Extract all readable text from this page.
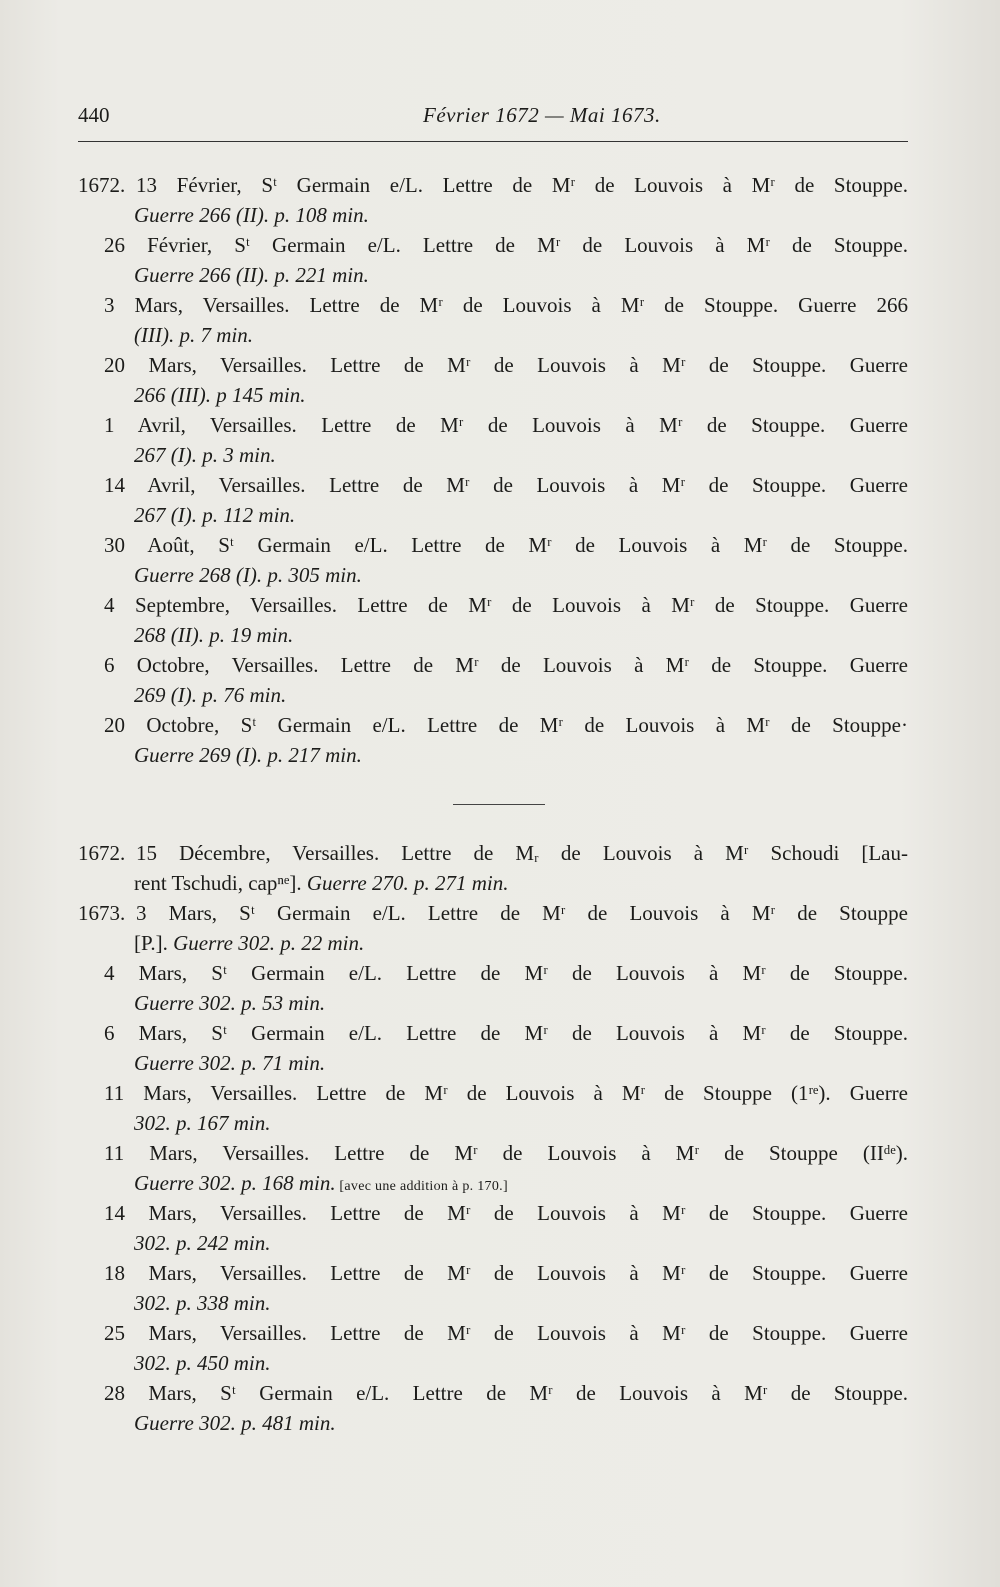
440	Février 1672 — Mai 1673.
1672. 13 Février, Sᵗ Germain e/L. Lettre de Mʳ de Louvois à Mʳ de Stouppe.
Guerre 266 (II). p. 108 min.
26 Février, Sᵗ Germain e/L. Lettre de Mʳ de Louvois à Mʳ de Stouppe.
Guerre 266 (II). p. 221 min.
3 Mars, Versailles. Lettre de Mʳ de Louvois à Mʳ de Stouppe. Guerre 266
(III). p. 7 min.
20 Mars, Versailles. Lettre de Mʳ de Louvois à Mʳ de Stouppe. Guerre
266 (III). p 145 min.
1 Avril, Versailles. Lettre de Mʳ de Louvois à Mʳ de Stouppe. Guerre
267 (I). p. 3 min.
14 Avril, Versailles. Lettre de Mʳ de Louvois à Mʳ de Stouppe. Guerre
267 (I). p. 112 min.
30 Août, Sᵗ Germain e/L. Lettre de Mʳ de Louvois à Mʳ de Stouppe.
Guerre 268 (I). p. 305 min.
4 Septembre, Versailles. Lettre de Mʳ de Louvois à Mʳ de Stouppe. Guerre
268 (II). p. 19 min.
6 Octobre, Versailles. Lettre de Mʳ de Louvois à Mʳ de Stouppe. Guerre
269 (I). p. 76 min.
20 Octobre, Sᵗ Germain e/L. Lettre de Mʳ de Louvois à Mʳ de Stouppe·
Guerre 269 (I). p. 217 min.
1672. 15 Décembre, Versailles. Lettre de Mᵣ de Louvois à Mʳ Schoudi [Lau-
rent Tschudi, capⁿᵉ]. Guerre 270. p. 271 min.
1673. 3 Mars, Sᵗ Germain e/L. Lettre de Mʳ de Louvois à Mʳ de Stouppe
[P.]. Guerre 302. p. 22 min.
4 Mars, Sᵗ Germain e/L. Lettre de Mʳ de Louvois à Mʳ de Stouppe.
Guerre 302. p. 53 min.
6 Mars, Sᵗ Germain e/L. Lettre de Mʳ de Louvois à Mʳ de Stouppe.
Guerre 302. p. 71 min.
11 Mars, Versailles. Lettre de Mʳ de Louvois à Mʳ de Stouppe (1ʳᵉ). Guerre
302. p. 167 min.
11 Mars, Versailles. Lettre de Mʳ de Louvois à Mʳ de Stouppe (IIᵈᵉ).
Guerre 302. p. 168 min. [avec une addition à p. 170.]
14 Mars, Versailles. Lettre de Mʳ de Louvois à Mʳ de Stouppe. Guerre
302. p. 242 min.
18 Mars, Versailles. Lettre de Mʳ de Louvois à Mʳ de Stouppe. Guerre
302. p. 338 min.
25 Mars, Versailles. Lettre de Mʳ de Louvois à Mʳ de Stouppe. Guerre
302. p. 450 min.
28 Mars, Sᵗ Germain e/L. Lettre de Mʳ de Louvois à Mʳ de Stouppe.
Guerre 302. p. 481 min.
